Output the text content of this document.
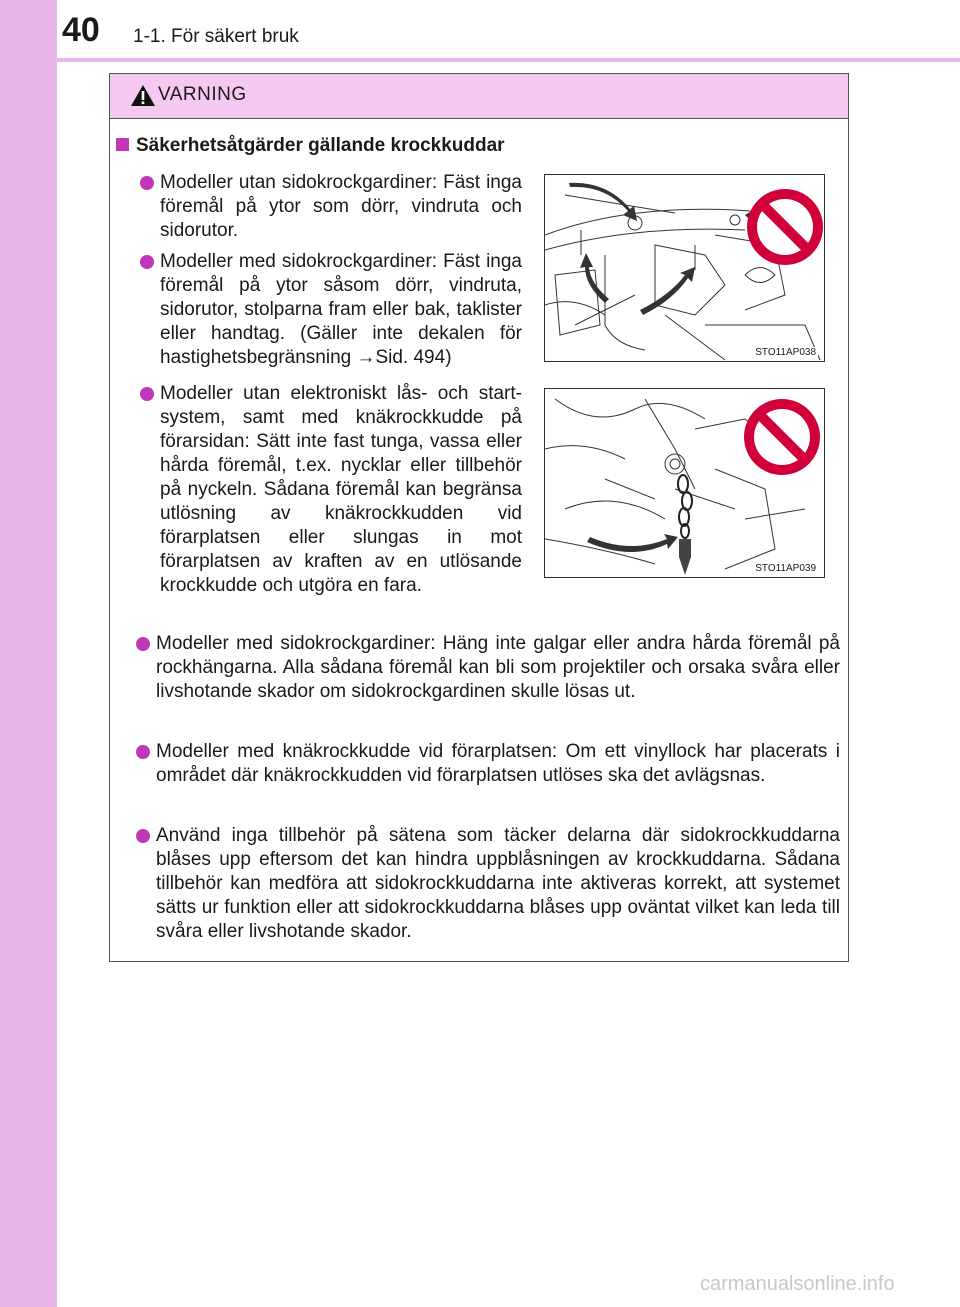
40 1-1. För säkert bruk
VARNING
Säkerhetsåtgärder gällande krockkuddar
Modeller utan sidokrockgardiner: Fäst inga föremål på ytor som dörr, vindruta och sidorutor.
Modeller med sidokrockgardiner: Fäst inga föremål på ytor såsom dörr, vindruta, sidorutor, stolparna fram eller bak, taklister eller handtag. (Gäller inte dekalen för hastighetsbegränsning →Sid. 494)	STO11AP038
Modeller utan elektroniskt lås- och startsystem, samt med knäkrockkudde på förarsidan: Sätt inte fast tunga, vassa eller hårda föremål, t.ex. nycklar eller tillbehör på nyckeln. Sådana föremål kan begränsa utlösning av knäkrockkudden vid förarplatsen eller slungas in mot förarplatsen av kraften av en utlösande krockkudde och utgöra en fara.
STO11AP039
Modeller med sidokrockgardiner: Häng inte galgar eller andra hårda föremål på rockhängarna. Alla sådana föremål kan bli som projektiler och orsaka svåra eller livshotande skador om sidokrockgardinen skulle lösas ut.
Modeller med knäkrockkudde vid förarplatsen: Om ett vinyllock har placerats i området där knäkrockkudden vid förarplatsen utlöses ska det avlägsnas.
Använd inga tillbehör på sätena som täcker delarna där sidokrockkuddarna blåses upp eftersom det kan hindra uppblåsningen av krockkuddarna. Sådana tillbehör kan medföra att sidokrockkuddarna inte aktiveras korrekt, att systemet sätts ur funktion eller att sidokrockkuddarna blåses upp oväntat vilket kan leda till svåra eller livshotande skador.
carmanualsonline.info
